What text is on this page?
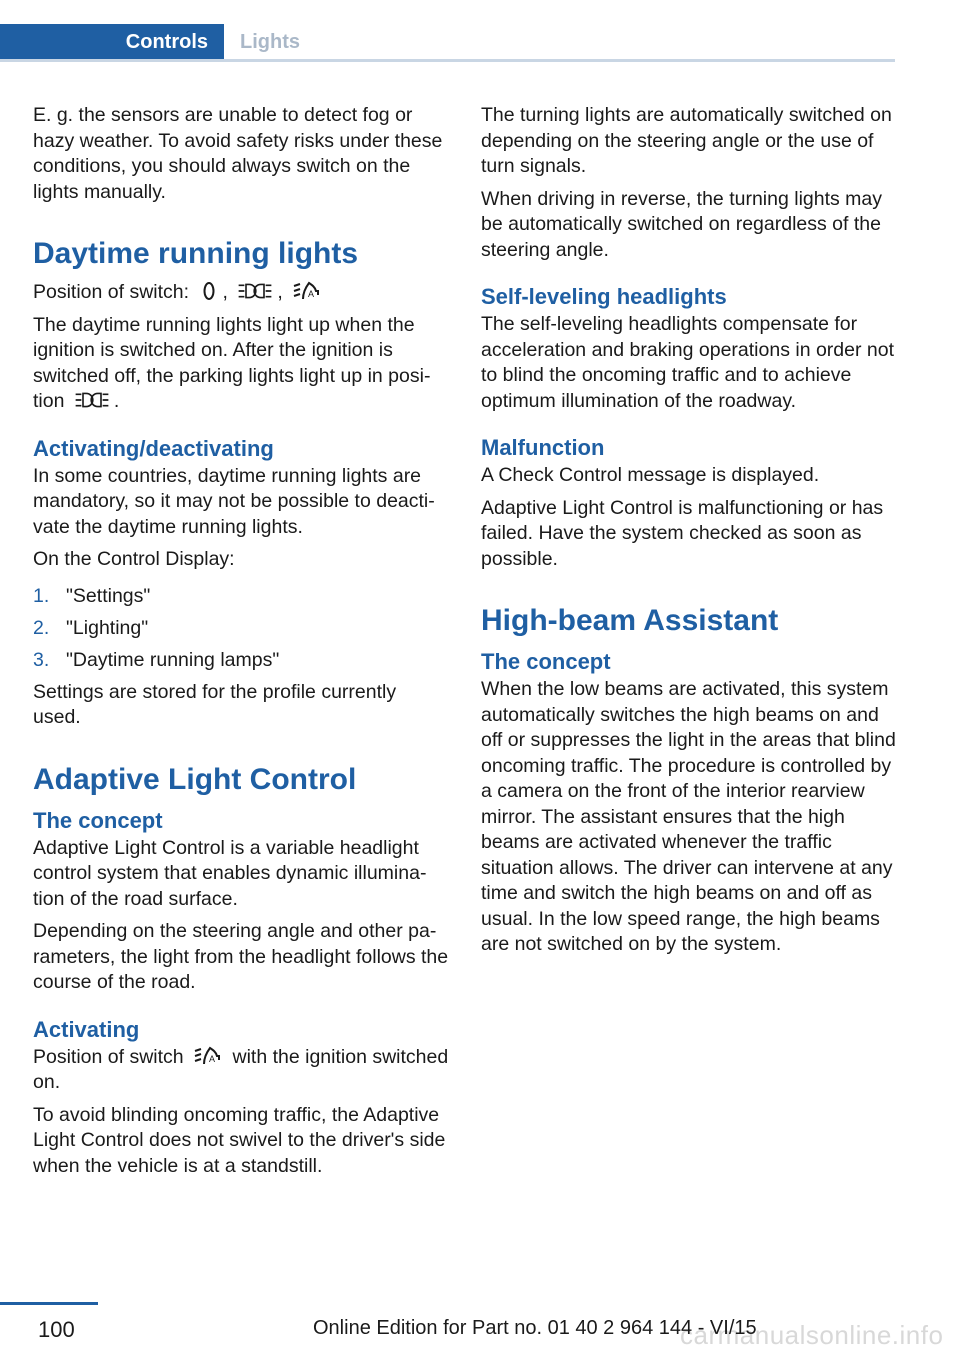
Controls	Lights

E. g. the sensors are unable to detect fog or hazy weather. To avoid safety risks under these conditions, you should always switch on the lights manually.

Daytime running lights

Position of switch: , , A

The daytime running lights light up when the ignition is switched on. After the ignition is switched off, the parking lights light up in position	.

Activating/deactivating

In some countries, daytime running lights are mandatory, so it may not be possible to deactivate the daytime running lights.

On the Control Display:

1. "Settings"
2. "Lighting"
3. "Daytime running lamps"

Settings are stored for the profile currently used.

Adaptive Light Control
The concept

Adaptive Light Control is a variable headlight control system that enables dynamic illumination of the road surface.

Depending on the steering angle and other parameters, the light from the headlight follows the course of the road.

Activating

Position of switch	A with the ignition switched on.

To avoid blinding oncoming traffic, the Adaptive Light Control does not swivel to the driver's side when the vehicle is at a standstill.

The turning lights are automatically switched on depending on the steering angle or the use of turn signals.

When driving in reverse, the turning lights may be automatically switched on regardless of the steering angle.

Self-leveling headlights

The self-leveling headlights compensate for acceleration and braking operations in order not to blind the oncoming traffic and to achieve optimum illumination of the roadway.

Malfunction

A Check Control message is displayed.

Adaptive Light Control is malfunctioning or has failed. Have the system checked as soon as possible.

High-beam Assistant
The concept

When the low beams are activated, this system automatically switches the high beams on and off or suppresses the light in the areas that blind oncoming traffic. The procedure is controlled by a camera on the front of the interior rearview mirror. The assistant ensures that the high beams are activated whenever the traffic situation allows. The driver can intervene at any time and switch the high beams on and off as usual. In the low speed range, the high beams are not switched on by the system.

100	carmanualsonline.info
Online Edition for Part no. 01 40 2 964 144 - VI/15
